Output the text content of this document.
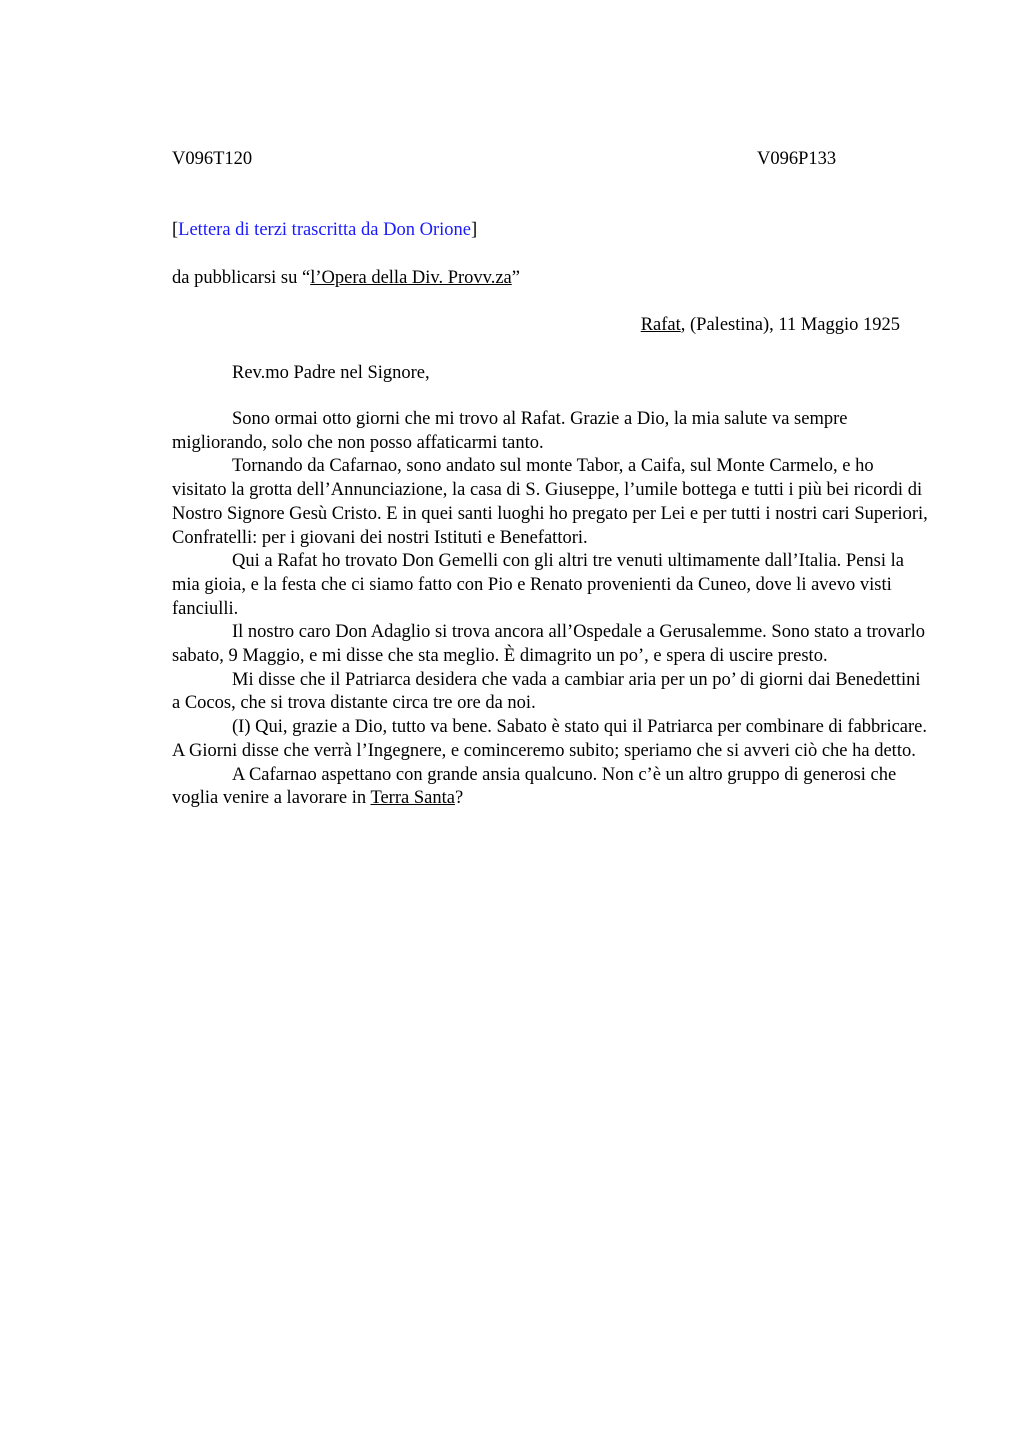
V096T120	V096P133
[Lettera di terzi trascritta da Don Orione]
da pubblicarsi su “l’Opera della Div. Provv.za”
Rafat, (Palestina), 11 Maggio 1925
Rev.mo Padre nel Signore,

Sono ormai otto giorni che mi trovo al Rafat. Grazie a Dio, la mia salute va sempre migliorando, solo che non posso affaticarmi tanto.

Tornando da Cafarnao, sono andato sul monte Tabor, a Caifa, sul Monte Carmelo, e ho visitato la grotta dell’Annunciazione, la casa di S. Giuseppe, l’umile bottega e tutti i più bei ricordi di Nostro Signore Gesù Cristo. E in quei santi luoghi ho pregato per Lei e per tutti i nostri cari Superiori, Confratelli: per i giovani dei nostri Istituti e Benefattori.

Qui a Rafat ho trovato Don Gemelli con gli altri tre venuti ultimamente dall’Italia. Pensi la mia gioia, e la festa che ci siamo fatto con Pio e Renato provenienti da Cuneo, dove li avevo visti fanciulli.

Il nostro caro Don Adaglio si trova ancora all’Ospedale a Gerusalemme. Sono stato a trovarlo sabato, 9 Maggio, e mi disse che sta meglio. È dimagrito un po’, e spera di uscire presto.

Mi disse che il Patriarca desidera che vada a cambiar aria per un po’ di giorni dai Benedettini a Cocos, che si trova distante circa tre ore da noi.

(I) Qui, grazie a Dio, tutto va bene. Sabato è stato qui il Patriarca per combinare di fabbricare. A Giorni disse che verrà l’Ingegnere, e cominceremo subito; speriamo che si avveri ciò che ha detto.

A Cafarnao aspettano con grande ansia qualcuno. Non c’è un altro gruppo di generosi che voglia venire a lavorare in Terra Santa?
